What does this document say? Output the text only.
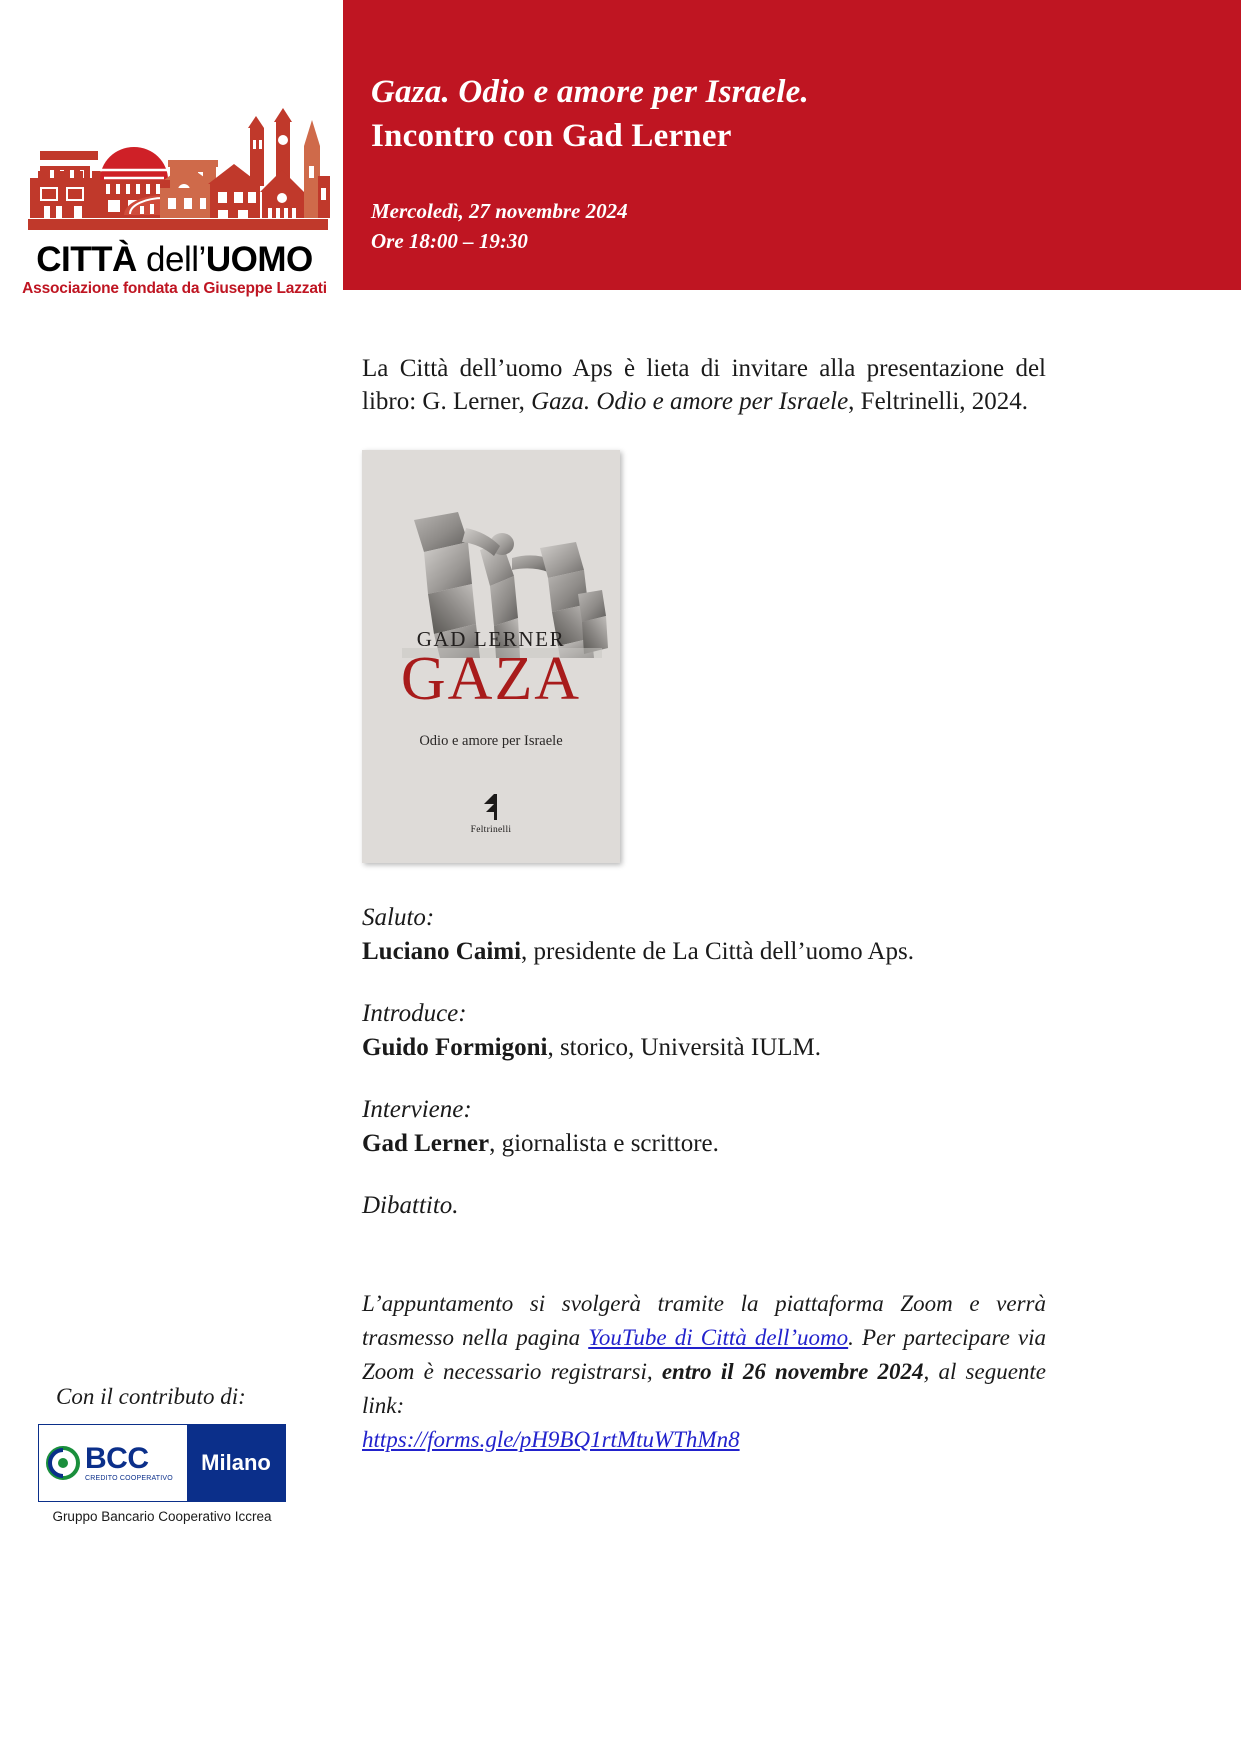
Gaza. Odio e amore per Israele.
Incontro con Gad Lerner
Mercoledì, 27 novembre 2024
Ore 18:00 – 19:30
CITTÀ dell’UOMO
Associazione fondata da Giuseppe Lazzati

La Città dell’uomo Aps è lieta di invitare alla presentazione del libro: G. Lerner, Gaza. Odio e amore per Israele, Feltrinelli, 2024.

GAD LERNER
GAZA
Odio e amore per Israele
Feltrinelli
Saluto:
Luciano Caimi, presidente de La Città dell’uomo Aps.
Introduce:
Guido Formigoni, storico, Università IULM.
Interviene:
Gad Lerner, giornalista e scrittore.
Dibattito.
L’appuntamento si svolgerà tramite la piattaforma Zoom e verrà trasmesso nella pagina YouTube di Città dell’uomo. Per partecipare via Zoom è necessario registrarsi, entro il 26 novembre 2024, al seguente link:
https://forms.gle/pH9BQ1rtMtuWThMn8
Con il contributo di:
BCC
CREDITO COOPERATIVO
Milano
Gruppo Bancario Cooperativo Iccrea
